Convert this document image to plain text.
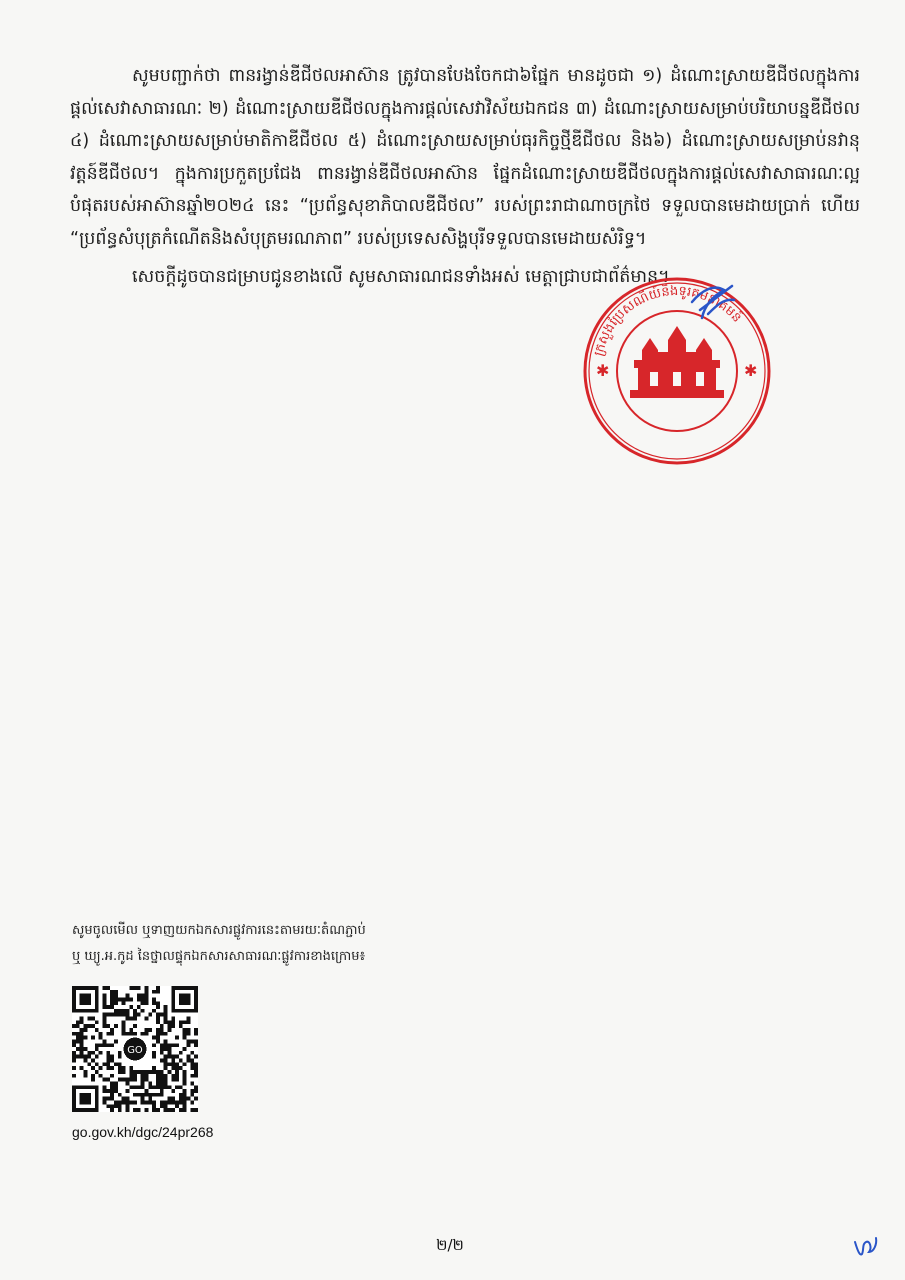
សូមបញ្ជាក់ថា ពានរង្វាន់ឌីជីថលអាស៊ាន ត្រូវបានបែងចែកជា៦ផ្នែក មានដូចជា ១) ដំណោះស្រាយឌីជីថលក្នុងការផ្តល់សេវាសាធារណៈ ២) ដំណោះស្រាយឌីជីថលក្នុងការផ្តល់សេវាវិស័យឯកជន ៣) ដំណោះស្រាយសម្រាប់បរិយាបន្នឌីជីថល ៤) ដំណោះស្រាយសម្រាប់មាតិកាឌីជីថល ៥) ដំណោះស្រាយសម្រាប់ធុរកិច្ចថ្មីឌីជីថល និង៦) ដំណោះស្រាយសម្រាប់នវានុវត្តន៍ឌីជីថល។ ក្នុងការប្រកួតប្រជែង ពានរង្វាន់ឌីជីថលអាស៊ាន ផ្នែកដំណោះស្រាយឌីជីថលក្នុងការផ្តល់សេវាសាធារណៈល្អបំផុតរបស់អាស៊ានឆ្នាំ២០២៤ នេះ “ប្រព័ន្ធសុខាភិបាលឌីជីថល” របស់ព្រះរាជាណាចក្រថៃ ទទួលបានមេដាយប្រាក់ ហើយ “ប្រព័ន្ធសំបុត្រកំណើតនិងសំបុត្រមរណភាព” របស់ប្រទេសសិង្ហបុរីទទួលបានមេដាយសំរិទ្ធ។

សេចក្តីដូចបានជម្រាបជូនខាងលើ សូមសាធារណជនទាំងអស់ មេត្តាជ្រាបជាព័ត៌មាន។

ក្រសួងប្រៃសណីយ៍និងទូរគមនាគមន៍
✱	✱
សូមចូលមើល ឬទាញយកឯកសារផ្លូវការនេះតាមរយៈតំណភ្ជាប់
ឬ ឃ្យូ.អ.កូដ នៃថ្នាលផ្ទុកឯកសារសាធារណៈផ្លូវការខាងក្រោម៖
GO
go.gov.kh/dgc/24pr268
២/២
